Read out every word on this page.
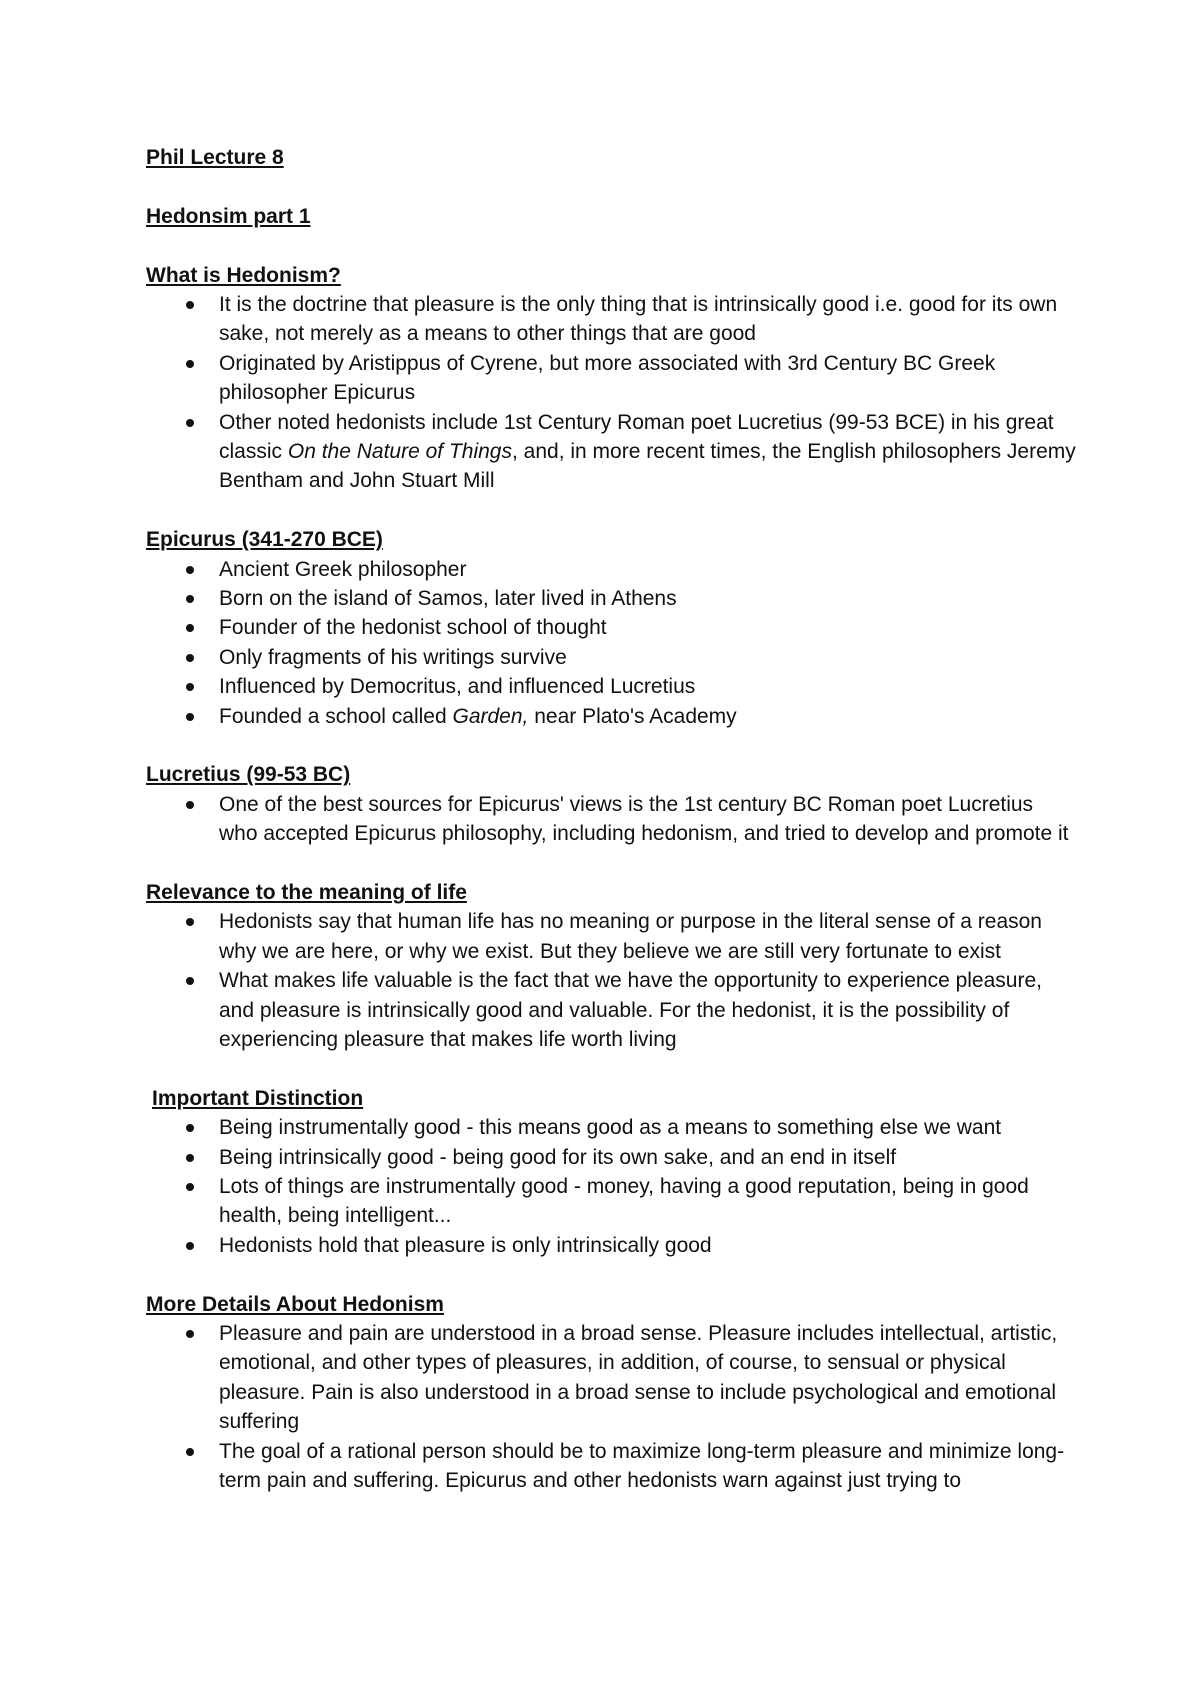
Phil Lecture 8

Hedonsim part 1

What is Hedonism?

It is the doctrine that pleasure is the only thing that is intrinsically good i.e. good for its own sake, not merely as a means to other things that are good
Originated by Aristippus of Cyrene, but more associated with 3rd Century BC Greek philosopher Epicurus
Other noted hedonists include 1st Century Roman poet Lucretius (99-53 BCE) in his great classic On the Nature of Things, and, in more recent times, the English philosophers Jeremy Bentham and John Stuart Mill

Epicurus (341-270 BCE)

Ancient Greek philosopher
Born on the island of Samos, later lived in Athens
Founder of the hedonist school of thought
Only fragments of his writings survive
Influenced by Democritus, and influenced Lucretius
Founded a school called Garden, near Plato's Academy

Lucretius (99-53 BC)

One of the best sources for Epicurus' views is the 1st century BC Roman poet Lucretius who accepted Epicurus philosophy, including hedonism, and tried to develop and promote it

Relevance to the meaning of life

Hedonists say that human life has no meaning or purpose in the literal sense of a reason why we are here, or why we exist. But they believe we are still very fortunate to exist
What makes life valuable is the fact that we have the opportunity to experience pleasure, and pleasure is intrinsically good and valuable. For the hedonist, it is the possibility of experiencing pleasure that makes life worth living

Important Distinction

Being instrumentally good - this means good as a means to something else we want
Being intrinsically good - being good for its own sake, and an end in itself
Lots of things are instrumentally good - money, having a good reputation, being in good health, being intelligent...
Hedonists hold that pleasure is only intrinsically good

More Details About Hedonism

Pleasure and pain are understood in a broad sense. Pleasure includes intellectual, artistic, emotional, and other types of pleasures, in addition, of course, to sensual or physical pleasure. Pain is also understood in a broad sense to include psychological and emotional suffering
The goal of a rational person should be to maximize long-term pleasure and minimize long-term pain and suffering. Epicurus and other hedonists warn against just trying to
